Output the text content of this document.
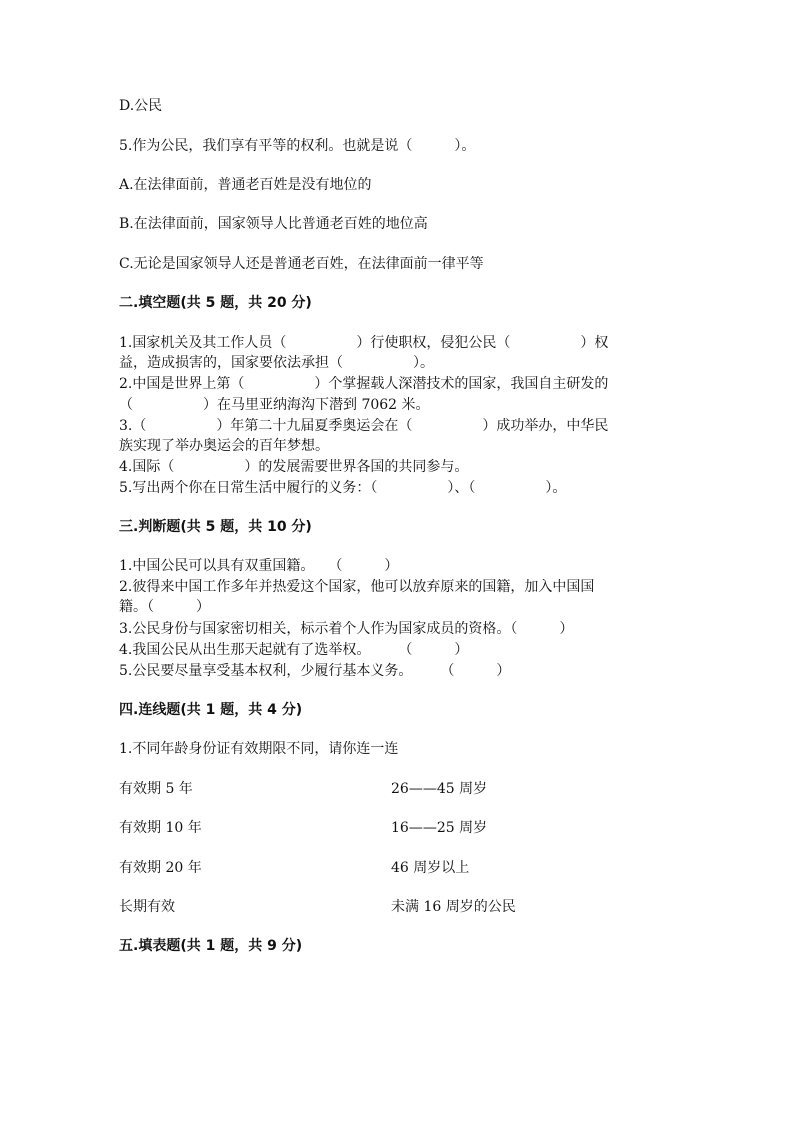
D.公民

5.作为公民，我们享有平等的权利。也就是说（　　　）。

A.在法律面前，普通老百姓是没有地位的

B.在法律面前，国家领导人比普通老百姓的地位高

C.无论是国家领导人还是普通老百姓，在法律面前一律平等

二.填空题(共 5 题，共 20 分)

1.国家机关及其工作人员（　　　　　）行使职权，侵犯公民（　　　　　）权

益，造成损害的，国家要依法承担（　　　　　）。

2.中国是世界上第（　　　　　）个掌握载人深潜技术的国家，我国自主研发的

（　　　　　）在马里亚纳海沟下潜到 7062 米。

3.（　　　　　）年第二十九届夏季奥运会在（　　　　　）成功举办，中华民

族实现了举办奥运会的百年梦想。

4.国际（　　　　　）的发展需要世界各国的共同参与。

5.写出两个你在日常生活中履行的义务：（　　　　　）、（　　　　　）。

三.判断题(共 5 题，共 10 分)

1.中国公民可以具有双重国籍。　　（　　　）

2.彼得来中国工作多年并热爱这个国家，他可以放弃原来的国籍，加入中国国

籍。（　　　）

3.公民身份与国家密切相关，标示着个人作为国家成员的资格。（　　　）

4.我国公民从出生那天起就有了选举权。　　　（　　　）

5.公民要尽量享受基本权利，少履行基本义务。　　　（　　　）

四.连线题(共 1 题，共 4 分)

1.不同年龄身份证有效期限不同，请你连一连

有效期 5 年	26——45 周岁

有效期 10 年	16——25 周岁

有效期 20 年	46 周岁以上

长期有效	未满 16 周岁的公民

五.填表题(共 1 题，共 9 分)
